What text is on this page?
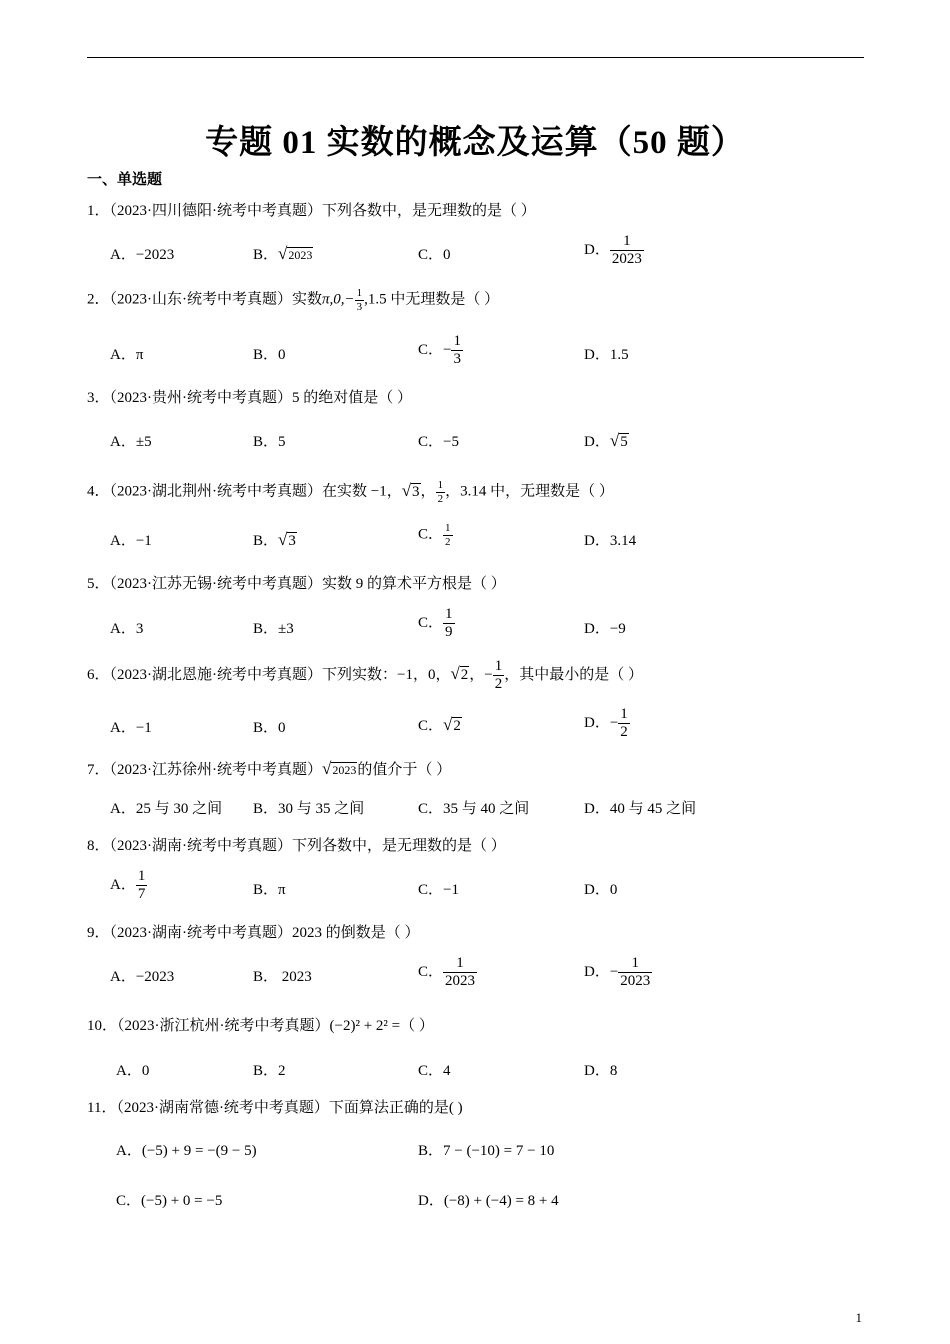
专题 01 实数的概念及运算（50 题）
一、单选题
1．（2023·四川德阳·统考中考真题）下列各数中，是无理数的是（ ）
A．−2023	B．√2023	C．0	D． $\frac{1}{2023}$
2．（2023·山东·统考中考真题）实数$\pi,0,- \frac{1}{3} ,1.5$ 中无理数是（ ）
A．π	B．0	C．− $\frac{1}{3}$	D．1.5
3．（2023·贵州·统考中考真题）5 的绝对值是（ ）
A．±5	B．5	C．−5	D．√5
4．（2023·湖北荆州·统考中考真题）在实数 −1，√3， $\frac{1}{2}$ ，3.14 中，无理数是（ ）
A．−1	B．√3	C． $\frac{1}{2}$	D．3.14
5．（2023·江苏无锡·统考中考真题）实数 9 的算术平方根是（ ）
A．3	B．±3	C． $\frac{1}{9}$	D．−9
6．（2023·湖北恩施·统考中考真题）下列实数：−1，0，√2，− $\frac{1}{2}$ ，其中最小的是（ ）
A．−1	B．0	C．√2	D．− $\frac{1}{2}$
7．（2023·江苏徐州·统考中考真题）√2023的值介于（ ）
A．25 与 30 之间 B．30 与 35 之间	C．35 与 40 之间	D．40 与 45 之间
8．（2023·湖南·统考中考真题）下列各数中，是无理数的是（ ）
A． $\frac{1}{7}$	B．π	C．−1	D．0
9．（2023·湖南·统考中考真题）2023 的倒数是（ ）
A．−2023	B． 2023	C． $\frac{1}{2023}$	D．− $\frac{1}{2023}$
10．（2023·浙江杭州·统考中考真题）(−2)² + 2² =（ ）
A．0	B．2	C．4	D．8
11．（2023·湖南常德·统考中考真题）下面算法正确的是( )
A．(−5) + 9 = −(9 − 5)	B．7 − (−10) = 7 − 10
C．(−5) + 0 = −5	D．(−8) + (−4) = 8 + 4
1
